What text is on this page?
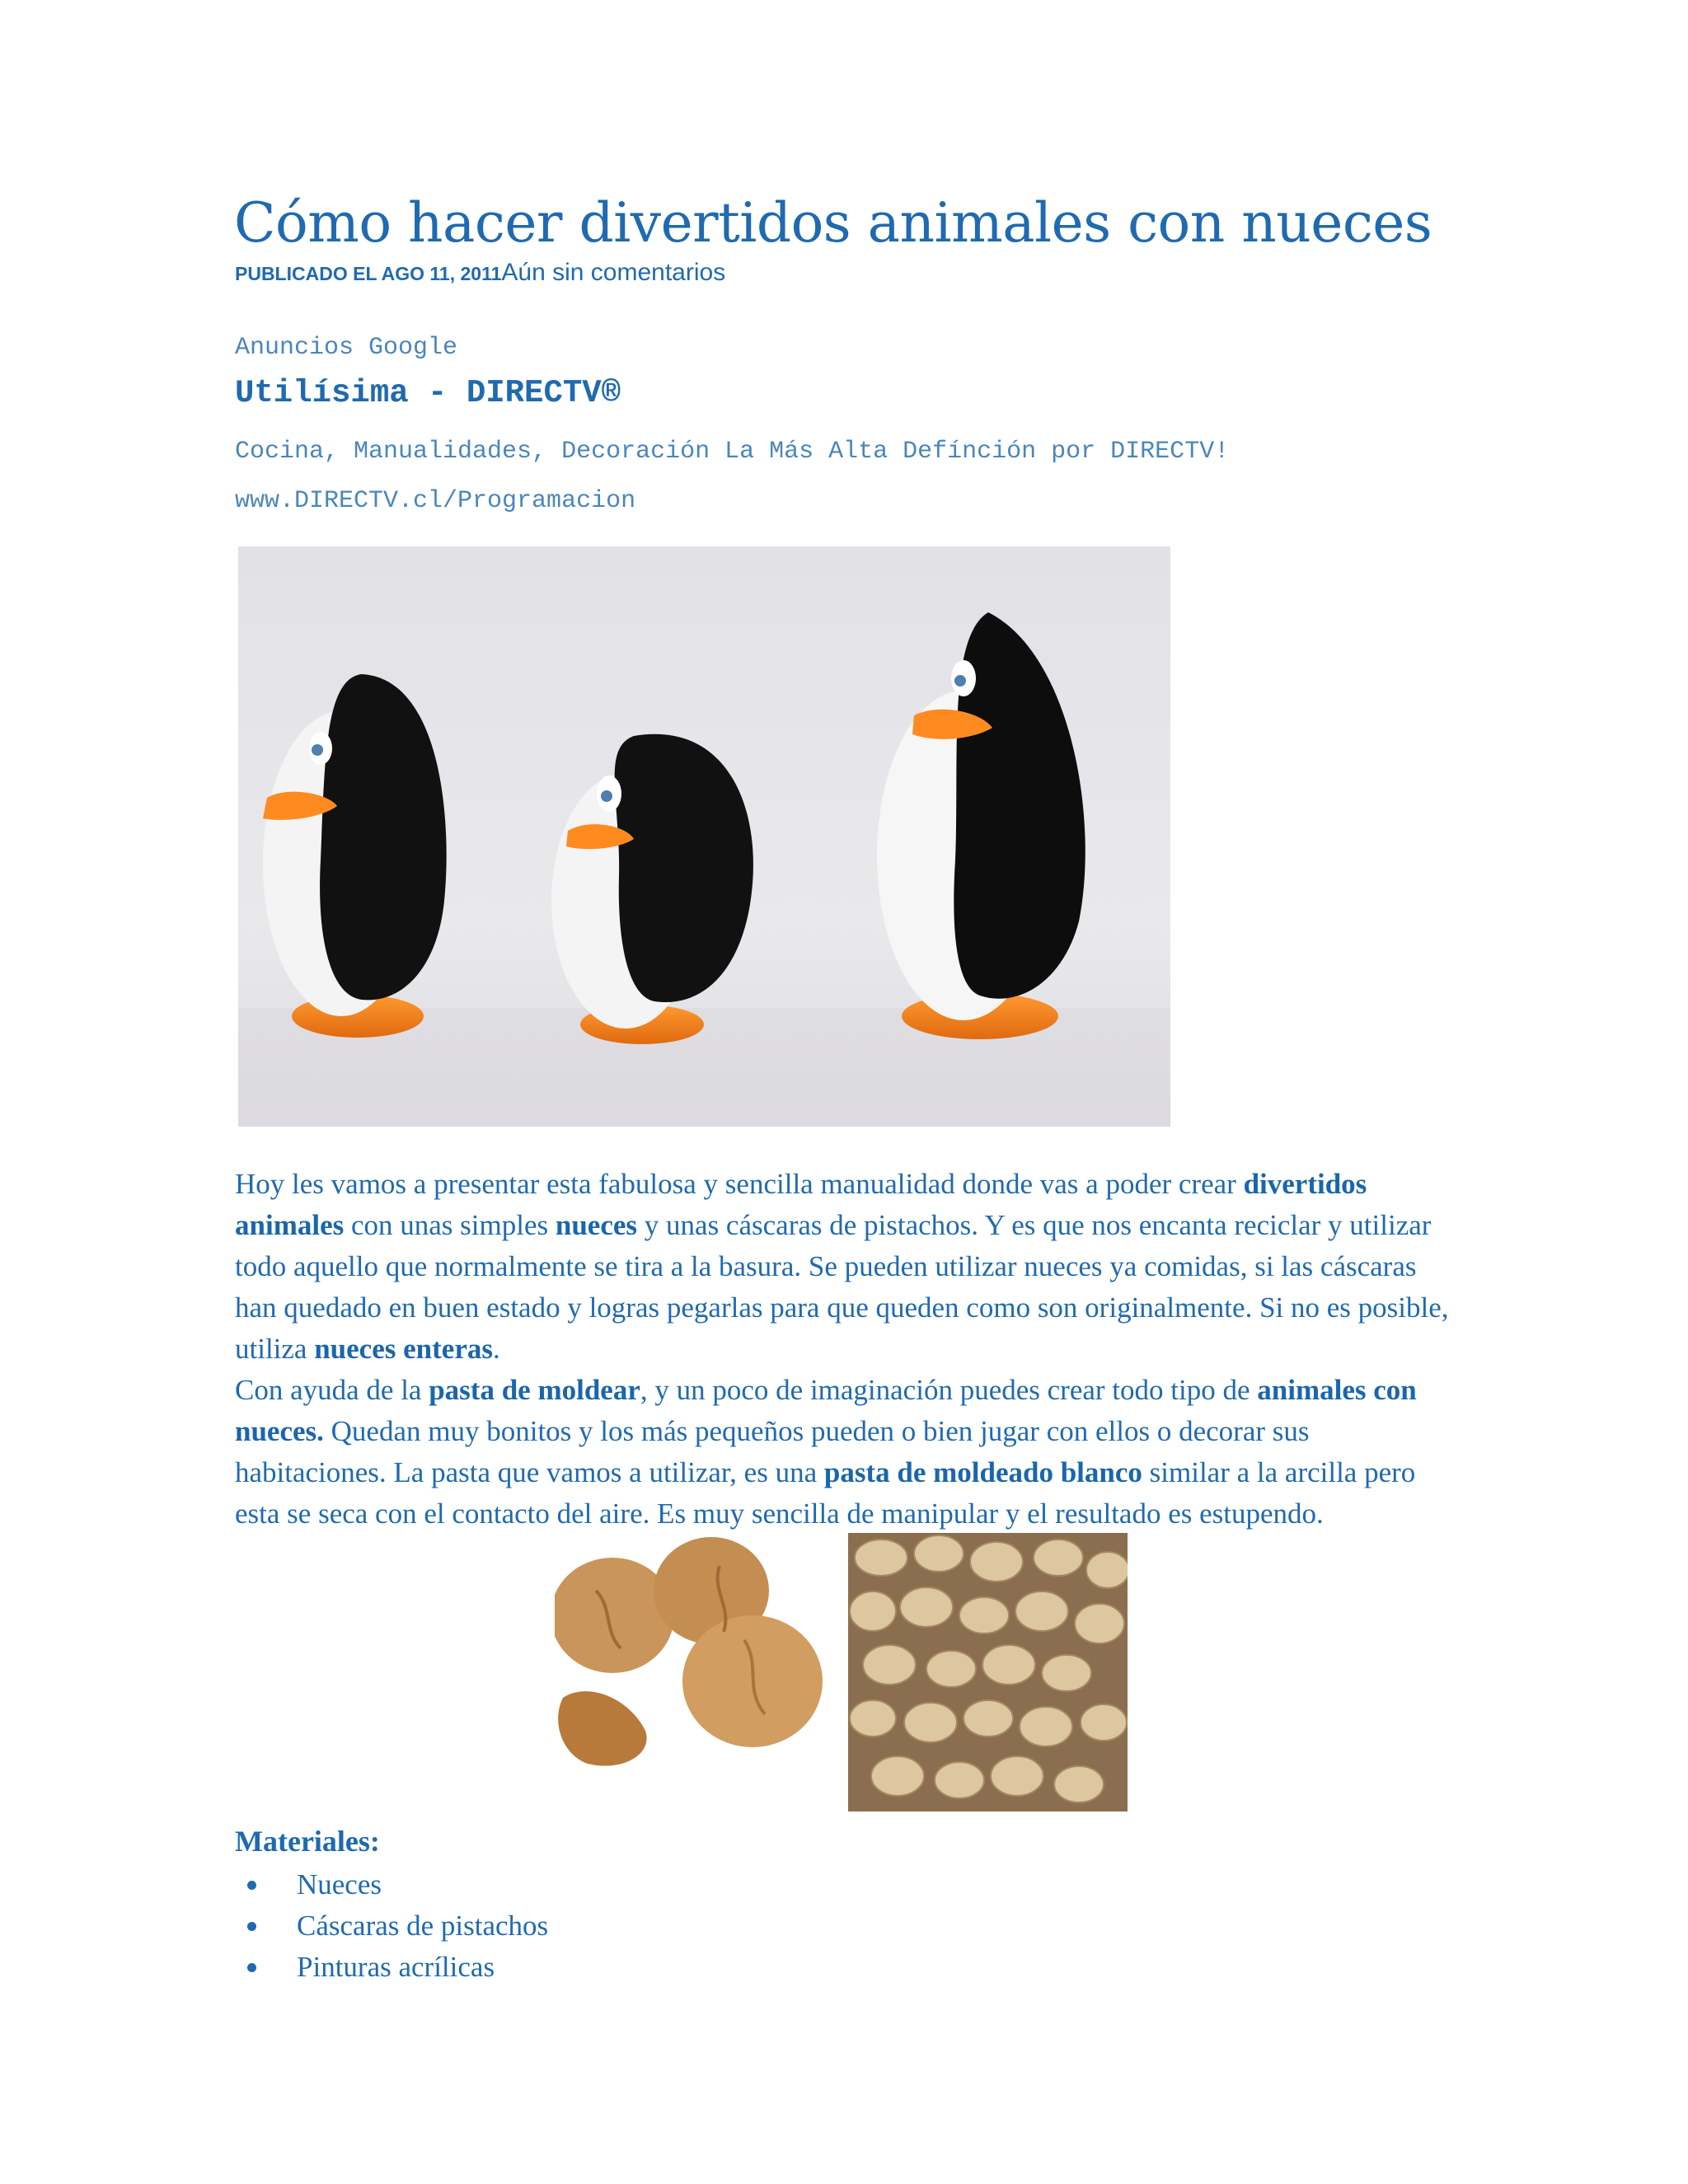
Cómo hacer divertidos animales con nueces
PUBLICADO EL AGO 11, 2011Aún sin comentarios
Anuncios Google
Utilísima - DIRECTV®
Cocina, Manualidades, Decoración La Más Alta Defínción por DIRECTV! www.DIRECTV.cl/Programacion

Hoy les vamos a presentar esta fabulosa y sencilla manualidad donde vas a poder crear divertidos animales con unas simples nueces y unas cáscaras de pistachos. Y es que nos encanta reciclar y utilizar todo aquello que normalmente se tira a la basura. Se pueden utilizar nueces ya comidas, si las cáscaras han quedado en buen estado y logras pegarlas para que queden como son originalmente. Si no es posible, utiliza nueces enteras.

Con ayuda de la pasta de moldear, y un poco de imaginación puedes crear todo tipo de animales con nueces. Quedan muy bonitos y los más pequeños pueden o bien jugar con ellos o decorar sus habitaciones. La pasta que vamos a utilizar, es una pasta de moldeado blanco similar a la arcilla pero esta se seca con el contacto del aire. Es muy sencilla de manipular y el resultado es estupendo.

Materiales:
Nueces
Cáscaras de pistachos
Pinturas acrílicas
